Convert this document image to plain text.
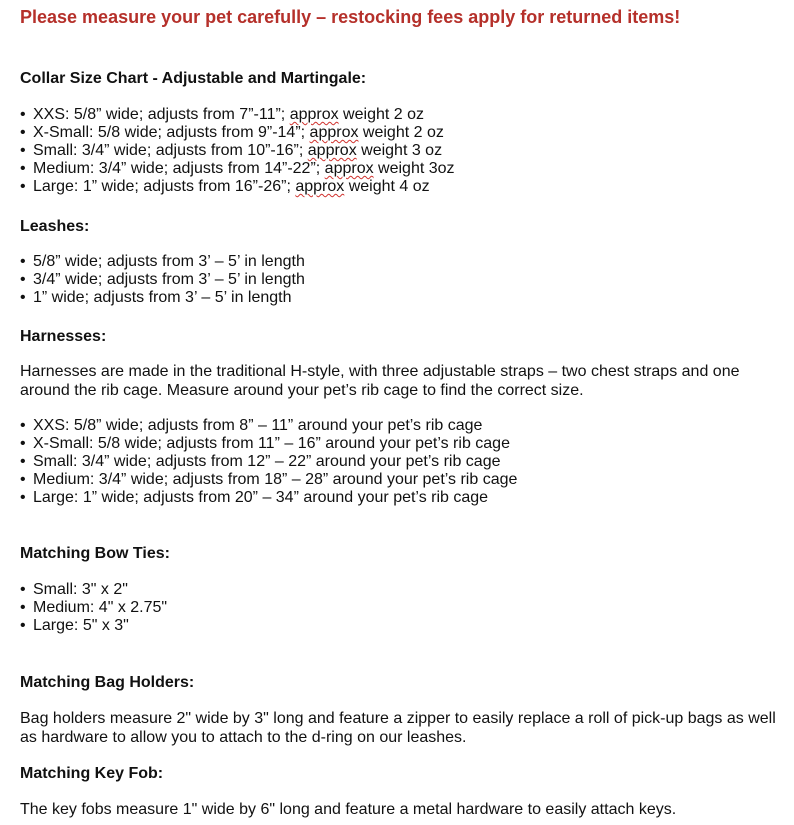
Please measure your pet carefully – restocking fees apply for returned items!
Collar Size Chart - Adjustable and Martingale:
• XXS: 5/8” wide; adjusts from 7”-11”; approx weight 2 oz
• X-Small: 5/8 wide; adjusts from 9”-14”; approx weight 2 oz
• Small: 3/4” wide; adjusts from 10”-16”; approx weight 3 oz
• Medium: 3/4” wide; adjusts from 14”-22”; approx weight 3oz
• Large: 1” wide; adjusts from 16”-26”; approx weight 4 oz
Leashes:
• 5/8” wide; adjusts from 3’ – 5’ in length
• 3/4” wide; adjusts from 3’ – 5’ in length
• 1” wide; adjusts from 3’ – 5’ in length
Harnesses:
Harnesses are made in the traditional H-style, with three adjustable straps – two chest straps and one around the rib cage. Measure around your pet’s rib cage to find the correct size.
• XXS: 5/8” wide; adjusts from 8” – 11” around your pet’s rib cage
• X-Small: 5/8 wide; adjusts from 11” – 16” around your pet’s rib cage
• Small: 3/4” wide; adjusts from 12” – 22” around your pet’s rib cage
• Medium: 3/4” wide; adjusts from 18” – 28” around your pet’s rib cage
• Large: 1” wide; adjusts from 20” – 34” around your pet’s rib cage
Matching Bow Ties:
• Small: 3" x 2"
• Medium: 4" x 2.75"
• Large: 5" x 3"
Matching Bag Holders:
Bag holders measure 2" wide by 3" long and feature a zipper to easily replace a roll of pick-up bags as well as hardware to allow you to attach to the d-ring on our leashes.
Matching Key Fob:
The key fobs measure 1" wide by 6" long and feature a metal hardware to easily attach keys.
